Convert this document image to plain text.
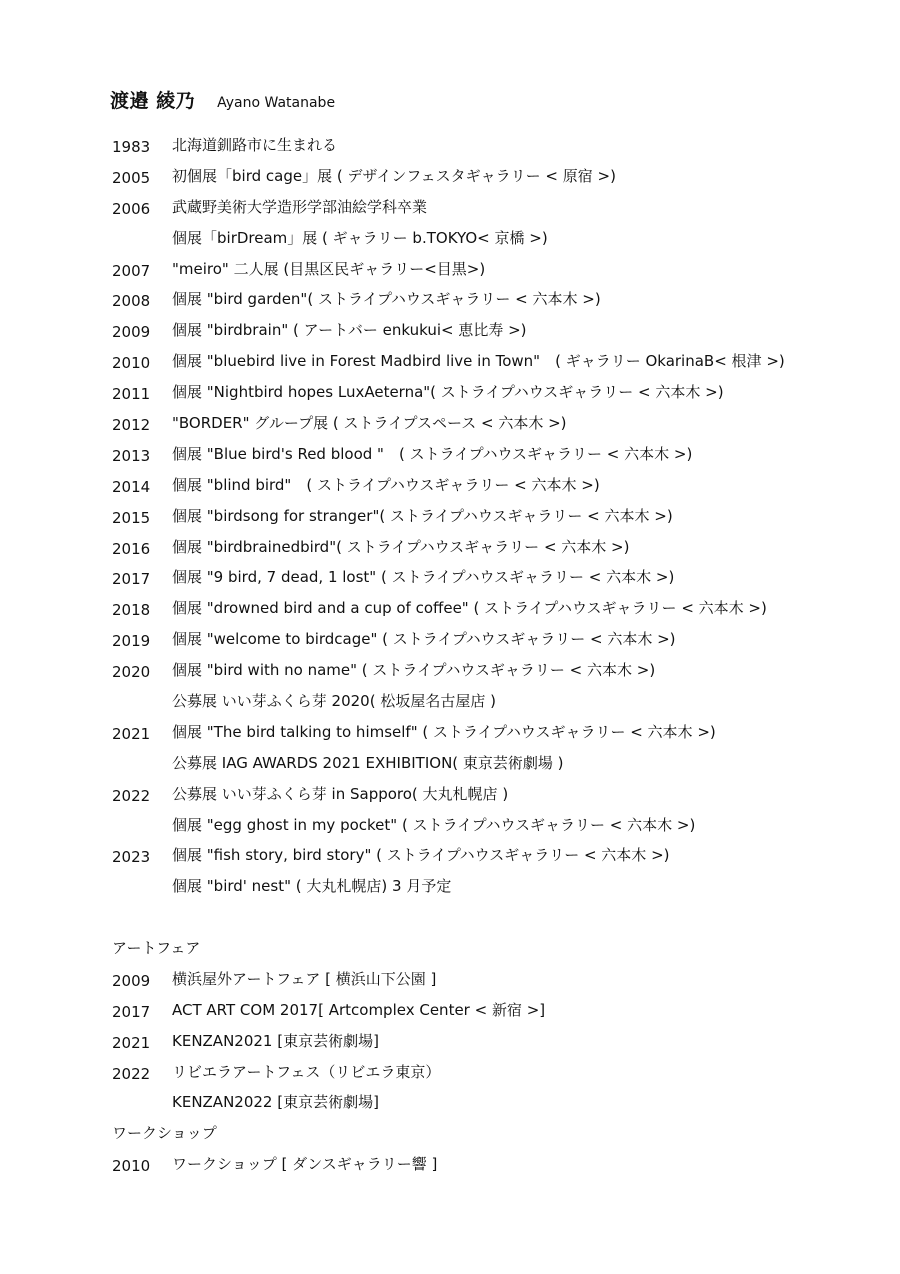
渡邉 綾乃 Ayano Watanabe
1983	北海道釧路市に生まれる
2005	初個展「bird cage」展 ( デザインフェスタギャラリー < 原宿 >)
2006	武蔵野美術大学造形学部油絵学科卒業
個展「birDream」展 ( ギャラリー b.TOKYO< 京橋 >)
2007	"meiro" 二人展 (目黒区民ギャラリー<目黒>)
2008	個展 "bird garden"( ストライプハウスギャラリー < 六本木 >)
2009	個展 "birdbrain" ( アートバー enkukui< 恵比寿 >)
2010	個展 "bluebird live in Forest Madbird live in Town"　( ギャラリー OkarinaB< 根津 >)
2011	個展 "Nightbird hopes LuxAeterna"( ストライプハウスギャラリー < 六本木 >)
2012	"BORDER" グループ展 ( ストライプスペース < 六本木 >)
2013	個展 "Blue bird's Red blood "　( ストライプハウスギャラリー < 六本木 >)
2014	個展 "blind bird"　( ストライプハウスギャラリー < 六本木 >)
2015	個展 "birdsong for stranger"( ストライプハウスギャラリー < 六本木 >)
2016	個展 "birdbrainedbird"( ストライプハウスギャラリー < 六本木 >)
2017	個展 "9 bird, 7 dead, 1 lost" ( ストライプハウスギャラリー < 六本木 >)
2018	個展 "drowned bird and a cup of coffee" ( ストライプハウスギャラリー < 六本木 >)
2019	個展 "welcome to birdcage" ( ストライプハウスギャラリー < 六本木 >)
2020	個展 "bird with no name" ( ストライプハウスギャラリー < 六本木 >)
公募展 いい芽ふくら芽 2020( 松坂屋名古屋店 )
2021	個展 "The bird talking to himself" ( ストライプハウスギャラリー < 六本木 >)
公募展 IAG AWARDS 2021 EXHIBITION( 東京芸術劇場 )
2022	公募展 いい芽ふくら芽 in Sapporo( 大丸札幌店 )
個展 "egg ghost in my pocket" ( ストライプハウスギャラリー < 六本木 >)
2023	個展 "fish story, bird story" ( ストライプハウスギャラリー < 六本木 >)
個展 "bird' nest" ( 大丸札幌店) 3 月予定
アートフェア
2009	横浜屋外アートフェア [ 横浜山下公園 ]
2017	ACT ART COM 2017[ Artcomplex Center < 新宿 >]
2021	KENZAN2021 [東京芸術劇場]
2022	リビエラアートフェス（リビエラ東京）
KENZAN2022 [東京芸術劇場]
ワークショップ
2010	ワークショップ [ ダンスギャラリー響 ]
